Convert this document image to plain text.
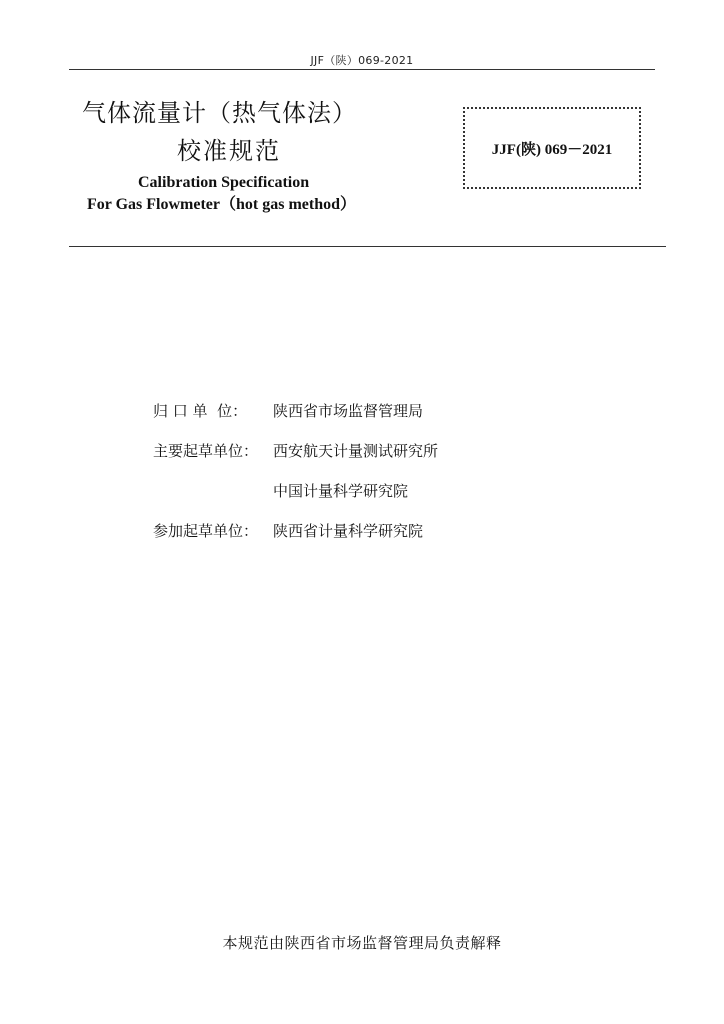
JJF（陕）069-2021
气体流量计（热气体法）
校准规范
Calibration Specification
For Gas Flowmeter（hot gas method）
JJF(陕) 069－2021
归 口 单  位：	陕西省市场监督管理局
主要起草单位： 西安航天计量测试研究所
中国计量科学研究院
参加起草单位： 陕西省计量科学研究院
本规范由陕西省市场监督管理局负责解释
